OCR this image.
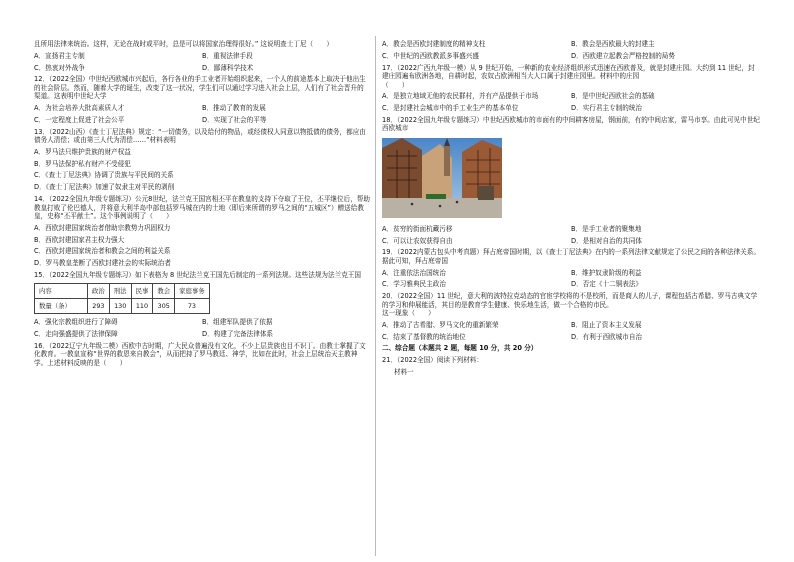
且所用法律来统治。这样，无论在战时或平时，总是可以将国家治理得很好。” 这说明查士丁尼（　　）

A．宣扬君主专制	B．重视法律手段
C．热衷对外战争	D．鄙薄科学技术

12．（2022全国）中世纪西欧城市兴起后，各行各业的手工业者开始组织起来，一个人的前途基本上取决于他出生的社会阶层。然而，随着大学的诞生，改变了这一状况，学生们可以通过学习进入社会上层，人们有了社会晋升的渠道。这表明中世纪大学

A．为社会培养大批高素质人才	B．推动了教育的发展
C．一定程度上促进了社会公平	D．实现了社会的平等

13．（2022山西）《查士丁尼法典》规定：“一切债务，以及给付的物品，或经债权人同意以物抵债的债务，都应由债务人清偿；或由第三人代为清偿……”材料表明

A．罗马法只维护贵族的财产权益

B．罗马法保护私有财产不受侵犯

C．《查士丁尼法典》协调了贵族与平民间的关系

D．《查士丁尼法典》加速了奴隶主对平民的剥削

14．（2022全国九年级专题练习）公元8世纪，法兰克王国宫相丕平在教皇的支持下夺取了王位，丕平继位后，帮助教皇打败了伦巴德人，并将意大利半岛中部包括罗马城在内的土地（即后来所谓的罗马之间的“五城区”）赠送给教皇，史称“丕平献土”。这个事例说明了（　　）

A．西欧封建国家统治者借助宗教势力巩固权力

B．西欧封建国家君主权力强大

C．西欧封建国家统治者和教会之间的利益关系

D．罗马教皇垄断了西欧封建社会的实际统治者

15．（2022全国九年级专题练习）如下表格为 8 世纪法兰克王国先后制定的一系列法规。这些法规为法兰克王国

内容	政治	刑法	民事	教会	家庭事务
数量（条）	293	130	110	305	73
A．强化宗教组织进行了障碍	B．组建军队提供了依据
C．走向强盛提供了法律保障	D．构建了完备法律体系

16．（2022辽宁九年级二模）西欧中古时期，广大民众普遍没有文化，不少上层贵族也目不识丁。由教士掌握了文化教育。一教皇宣称“世界的救恩来自教会”，从而把持了罗马教廷、神学，比如在此时，社会上层统治天主教神学。上述材料反映的是（　　）

A．教会是西欧封建制度的精神支柱	B．教会是西欧最大的封建主
C．中世纪的西欧教派多事盛兴盛	D．西欧建立起教会严格控制的局势

17．（2022广西九年级一模）从 9 世纪开始，一种新的农业经济组织形式迅速在西欧普及，就是封建庄园。大约到 11 世纪，封建庄园遍布欧洲各地，自耕时起，农奴占欧洲相当大人口属于封建庄园里。材料中的庄园
（　　）

A．是独立地域无他的农民群村，并有产品提供于市场	B．是中世纪西欧社会的基础
C．是封建社会城市中的手工业生产的基本单位	D．实行君主专制的统治

18．（2022全国九年级专题练习）中世纪西欧城市的市面有的中间耕客房屋，钢面前，有的中间店家，雷马市享。由此可见中世纪西欧城市

A．贫穷的街面杭藏污移	B．是手工业者的聚集地
C．可以让农奴获得自由	D．是相对自治的共同体

19．（2022内蒙古包头中考真题）拜占庭帝国时期，以《查士丁尼法典》在内的一系列法律文献规定了公民之间的各种法律关系。据此可知，拜占庭帝国

A．注重依法治国统治	B．维护奴隶阶级的利益
C．学习雅典民主政治	D．否定《十二铜表法》

20．（2022全国）11 世纪，意大利的波特拉克动态的官宦学校将的不是校所，而是商人的儿子，课程包括古希腊、罗马古典文学的学习和伸展能活，其目的是教育学生健康、快乐地生活，做一个合格的市民。
这一现象（　　）

A．推动了古希腊、罗马文化的重新繁荣	B．阻止了资本主义发展
C．结束了基督教的统治地位	D．有利于西欧城市自治

二、综合题（本题共 2 题，每题 10 分，共 20 分）

21．（2022全国）阅读下列材料：

材料一
